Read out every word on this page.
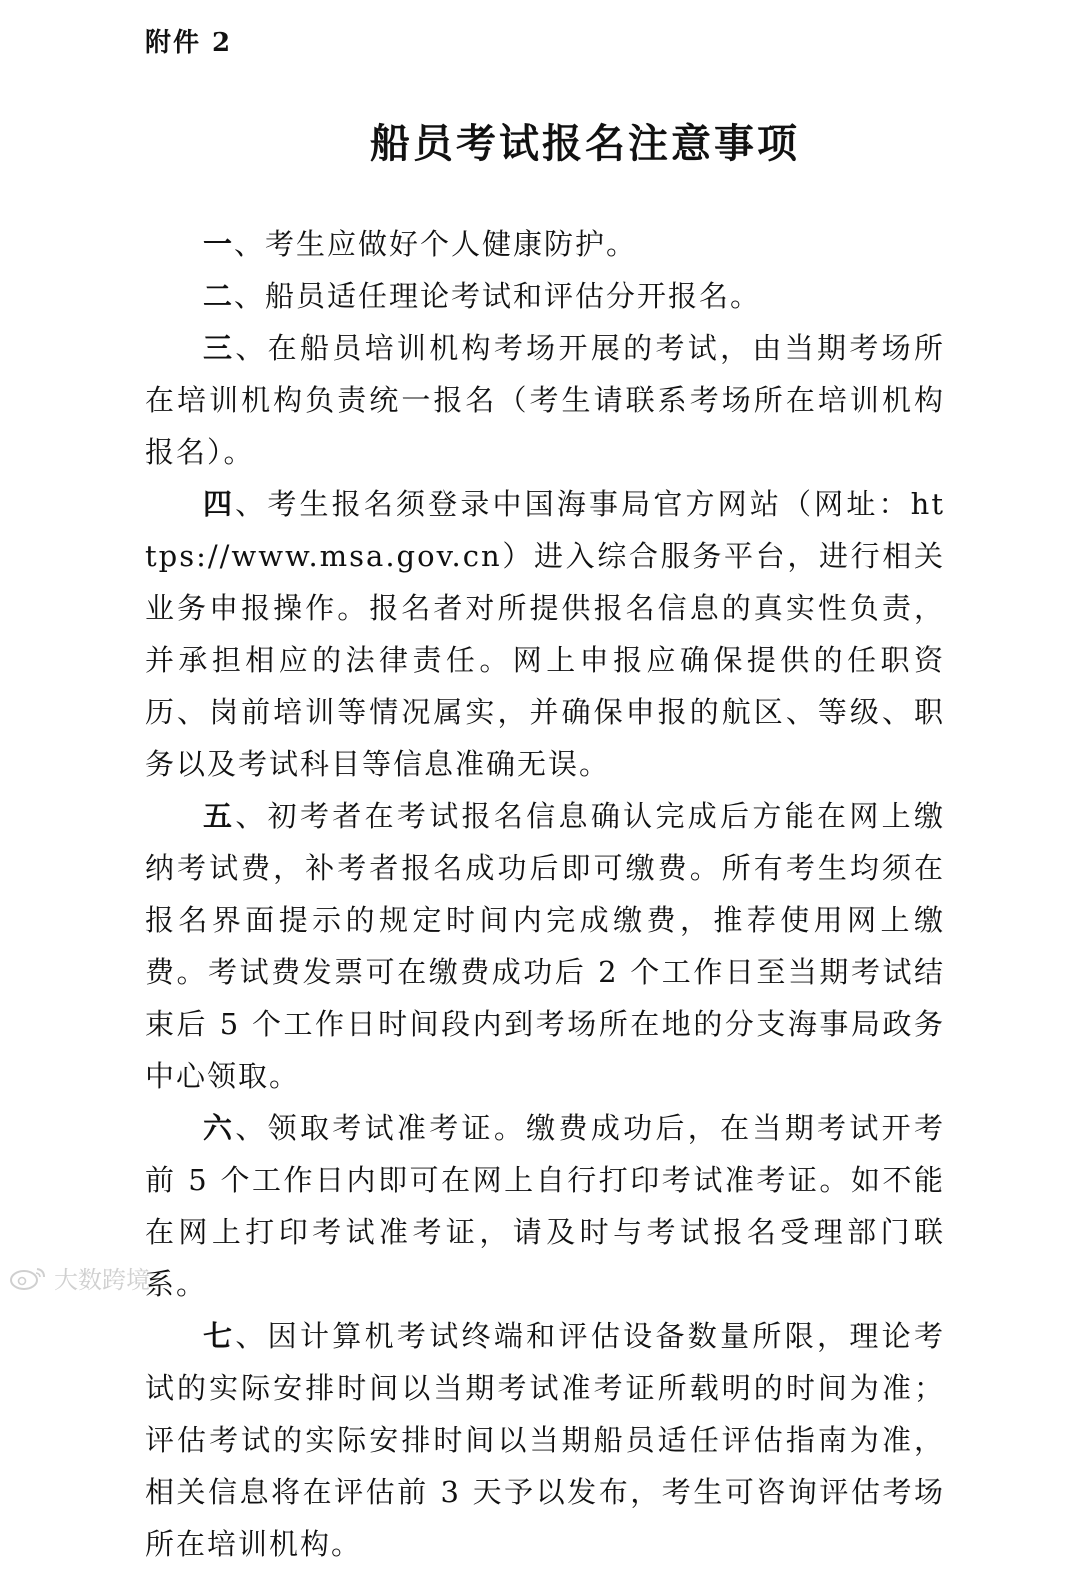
附件 2
船员考试报名注意事项

一、考生应做好个人健康防护。

二、船员适任理论考试和评估分开报名。

三、在船员培训机构考场开展的考试，由当期考场所在培训机构负责统一报名（考生请联系考场所在培训机构报名）。

四、考生报名须登录中国海事局官方网站（网址：ht tps://www.msa.gov.cn）进入综合服务平台，进行相关业务申报操作。报名者对所提供报名信息的真实性负责，并承担相应的法律责任。网上申报应确保提供的任职资历、岗前培训等情况属实，并确保申报的航区、等级、职务以及考试科目等信息准确无误。

五、初考者在考试报名信息确认完成后方能在网上缴纳考试费，补考者报名成功后即可缴费。所有考生均须在报名界面提示的规定时间内完成缴费，推荐使用网上缴费。考试费发票可在缴费成功后 2 个工作日至当期考试结束后 5 个工作日时间段内到考场所在地的分支海事局政务中心领取。

六、领取考试准考证。缴费成功后，在当期考试开考前 5 个工作日内即可在网上自行打印考试准考证。如不能在网上打印考试准考证，请及时与考试报名受理部门联系。

七、因计算机考试终端和评估设备数量所限，理论考试的实际安排时间以当期考试准考证所载明的时间为准；评估考试的实际安排时间以当期船员适任评估指南为准，相关信息将在评估前 3 天予以发布，考生可咨询评估考场所在培训机构。

大数跨境
